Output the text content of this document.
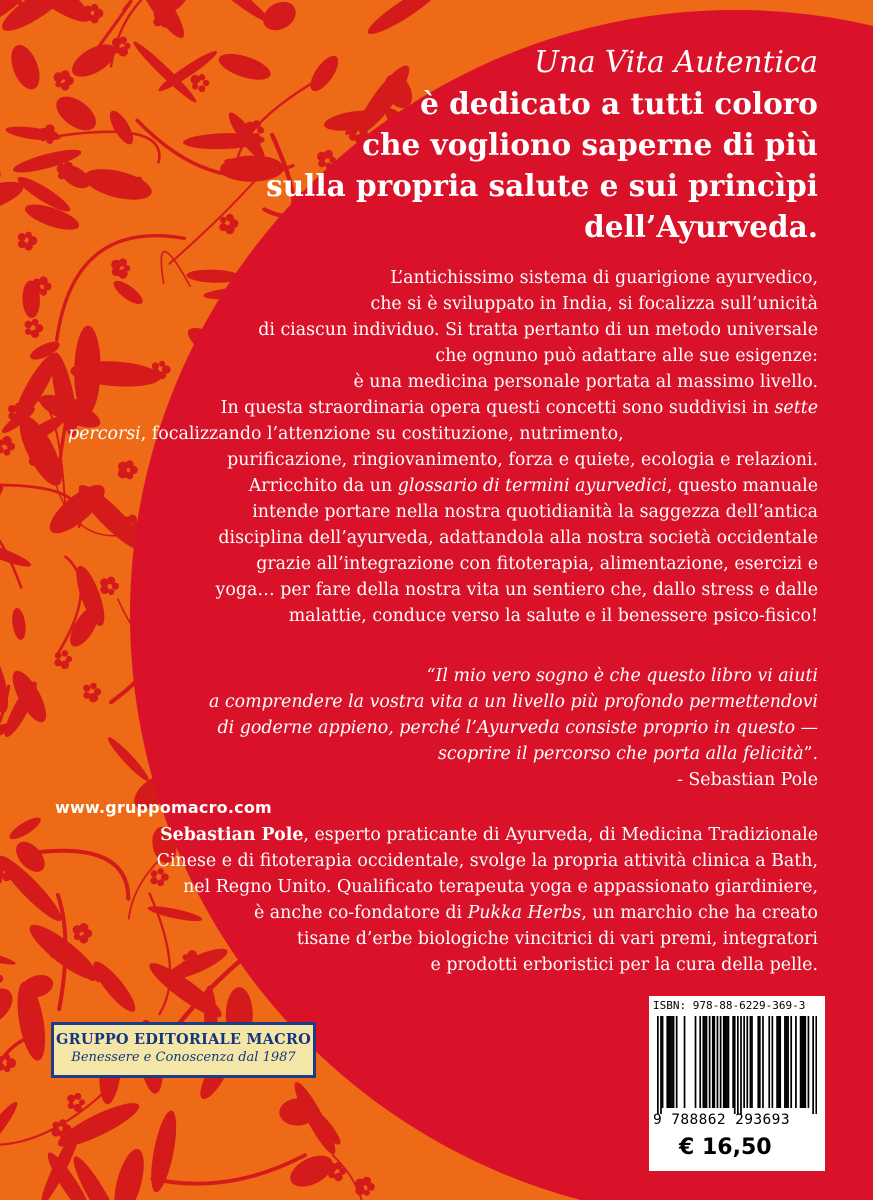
Una Vita Autentica
è dedicato a tutti coloro
che vogliono saperne di più
sulla propria salute e sui princìpi
dell’Ayurveda.
L’antichissimo sistema di guarigione ayurvedico,
che si è sviluppato in India, si focalizza sull’unicità
di ciascun individuo. Si tratta pertanto di un metodo universale
che ognuno può adattare alle sue esigenze:
è una medicina personale portata al massimo livello.
In questa straordinaria opera questi concetti sono suddivisi in sette
percorsi, focalizzando l’attenzione su costituzione, nutrimento,
purificazione, ringiovanimento, forza e quiete, ecologia e relazioni.
Arricchito da un glossario di termini ayurvedici, questo manuale
intende portare nella nostra quotidianità la saggezza dell’antica
disciplina dell’ayurveda, adattandola alla nostra società occidentale
grazie all’integrazione con fitoterapia, alimentazione, esercizi e
yoga… per fare della nostra vita un sentiero che, dallo stress e dalle
malattie, conduce verso la salute e il benessere psico-fisico!
“Il mio vero sogno è che questo libro vi aiuti
a comprendere la vostra vita a un livello più profondo permettendovi
di goderne appieno, perché l’Ayurveda consiste proprio in questo —
scoprire il percorso che porta alla felicità”.
- Sebastian Pole
Sebastian Pole, esperto praticante di Ayurveda, di Medicina Tradizionale
Cinese e di fitoterapia occidentale, svolge la propria attività clinica a Bath,
nel Regno Unito. Qualificato terapeuta yoga e appassionato giardiniere,
è anche co-fondatore di Pukka Herbs, un marchio che ha creato
tisane d’erbe biologiche vincitrici di vari premi, integratori
e prodotti erboristici per la cura della pelle.
www.gruppomacro.com
GRUPPO EDITORIALE MACRO
Benessere e Conoscenza dal 1987
ISBN: 978-88-6229-369-3
9 788862 293693
€ 16,50
